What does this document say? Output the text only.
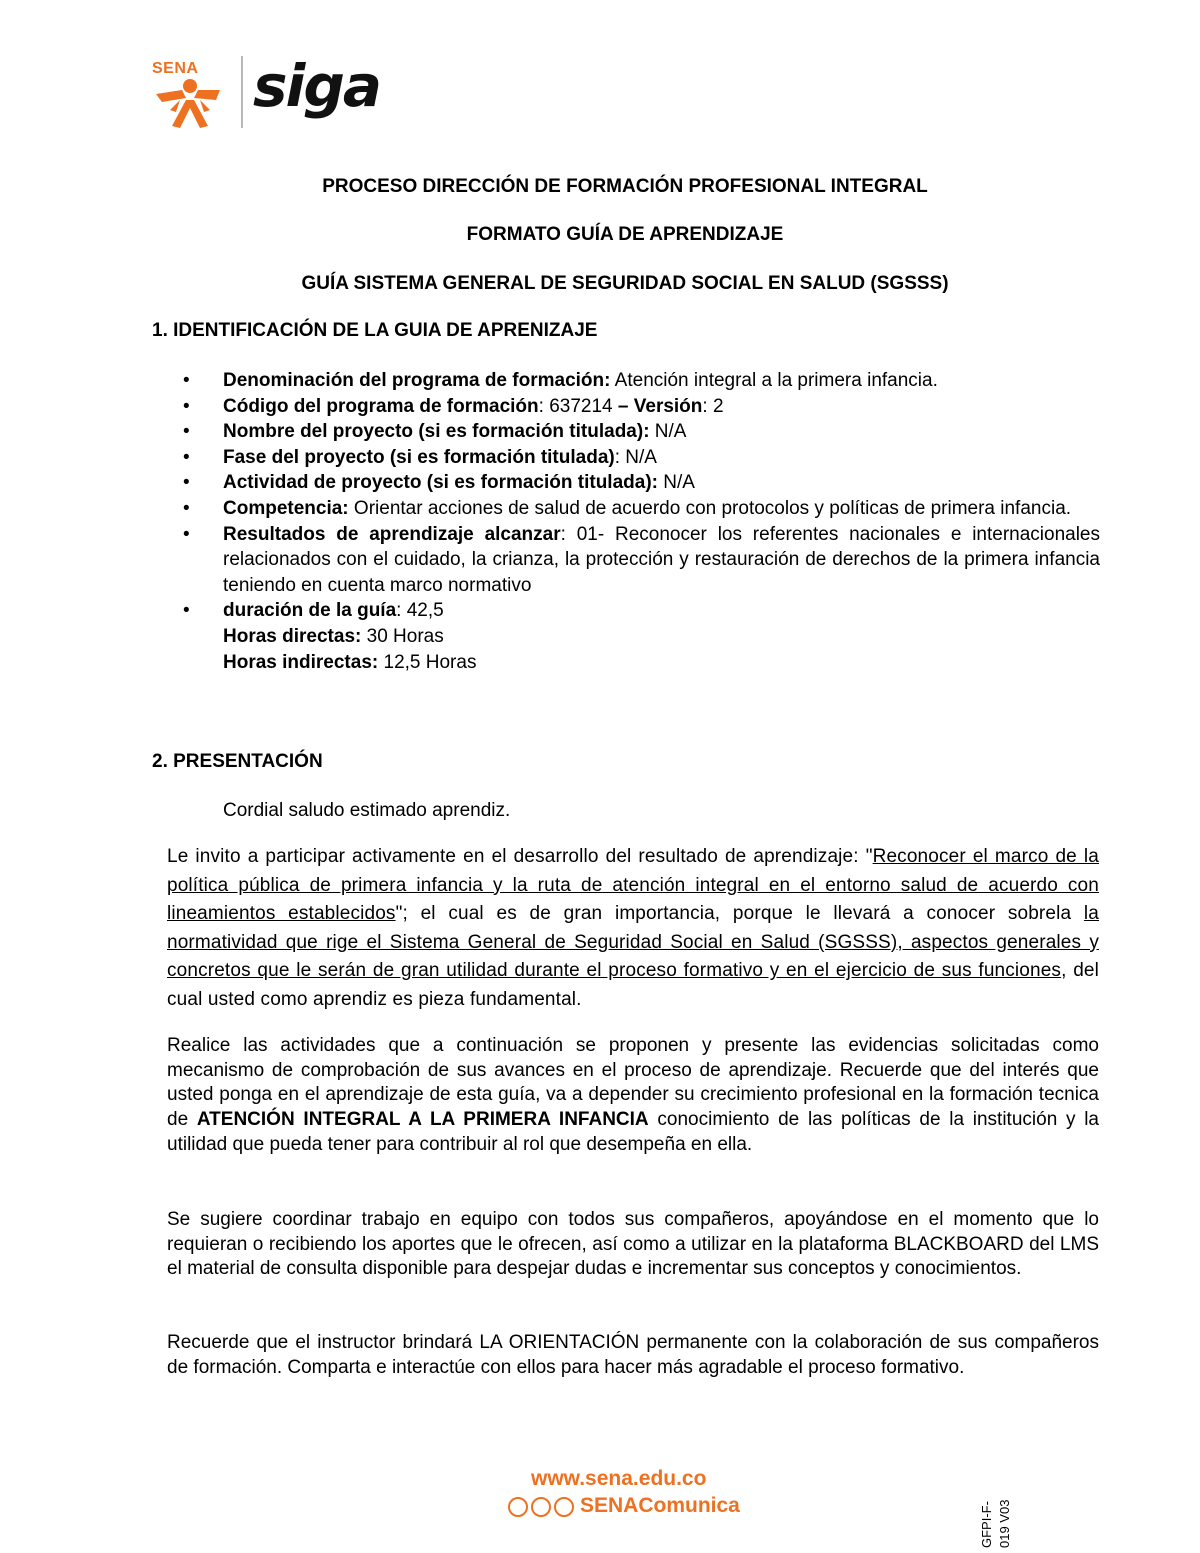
SENA siga
PROCESO DIRECCIÓN DE FORMACIÓN PROFESIONAL INTEGRAL
FORMATO GUÍA DE APRENDIZAJE
GUÍA SISTEMA GENERAL DE SEGURIDAD SOCIAL EN SALUD (SGSSS)
1. IDENTIFICACIÓN DE LA GUIA DE APRENIZAJE
• Denominación del programa de formación: Atención integral a la primera infancia.
• Código del programa de formación: 637214 – Versión: 2
• Nombre del proyecto (si es formación titulada): N/A
• Fase del proyecto (si es formación titulada): N/A
• Actividad de proyecto (si es formación titulada): N/A
• Competencia: Orientar acciones de salud de acuerdo con protocolos y políticas de primera infancia.
• Resultados de aprendizaje alcanzar: 01- Reconocer los referentes nacionales e internacionales relacionados con el cuidado, la crianza, la protección y restauración de derechos de la primera infancia teniendo en cuenta marco normativo
• duración de la guía: 42,5
Horas directas: 30 Horas
Horas indirectas: 12,5 Horas
2. PRESENTACIÓN
Cordial saludo estimado aprendiz.
Le invito a participar activamente en el desarrollo del resultado de aprendizaje: "Reconocer el marco de la política pública de primera infancia y la ruta de atención integral en el entorno salud de acuerdo con lineamientos establecidos"; el cual es de gran importancia, porque le llevará a conocer sobrela la normatividad que rige el Sistema General de Seguridad Social en Salud (SGSSS), aspectos generales y concretos que le serán de gran utilidad durante el proceso formativo y en el ejercicio de sus funciones, del cual usted como aprendiz es pieza fundamental.
Realice las actividades que a continuación se proponen y presente las evidencias solicitadas como mecanismo de comprobación de sus avances en el proceso de aprendizaje. Recuerde que del interés que usted ponga en el aprendizaje de esta guía, va a depender su crecimiento profesional en la formación tecnica de ATENCIÓN INTEGRAL A LA PRIMERA INFANCIA conocimiento de las políticas de la institución y la utilidad que pueda tener para contribuir al rol que desempeña en ella.
Se sugiere coordinar trabajo en equipo con todos sus compañeros, apoyándose en el momento que lo requieran o recibiendo los aportes que le ofrecen, así como a utilizar en la plataforma BLACKBOARD del LMS el material de consulta disponible para despejar dudas e incrementar sus conceptos y conocimientos.
Recuerde que el instructor brindará LA ORIENTACIÓN permanente con la colaboración de sus compañeros de formación. Comparta e interactúe con ellos para hacer más agradable el proceso formativo.
www.sena.edu.co
SENAComunica	GFPI-F- 019 V03
